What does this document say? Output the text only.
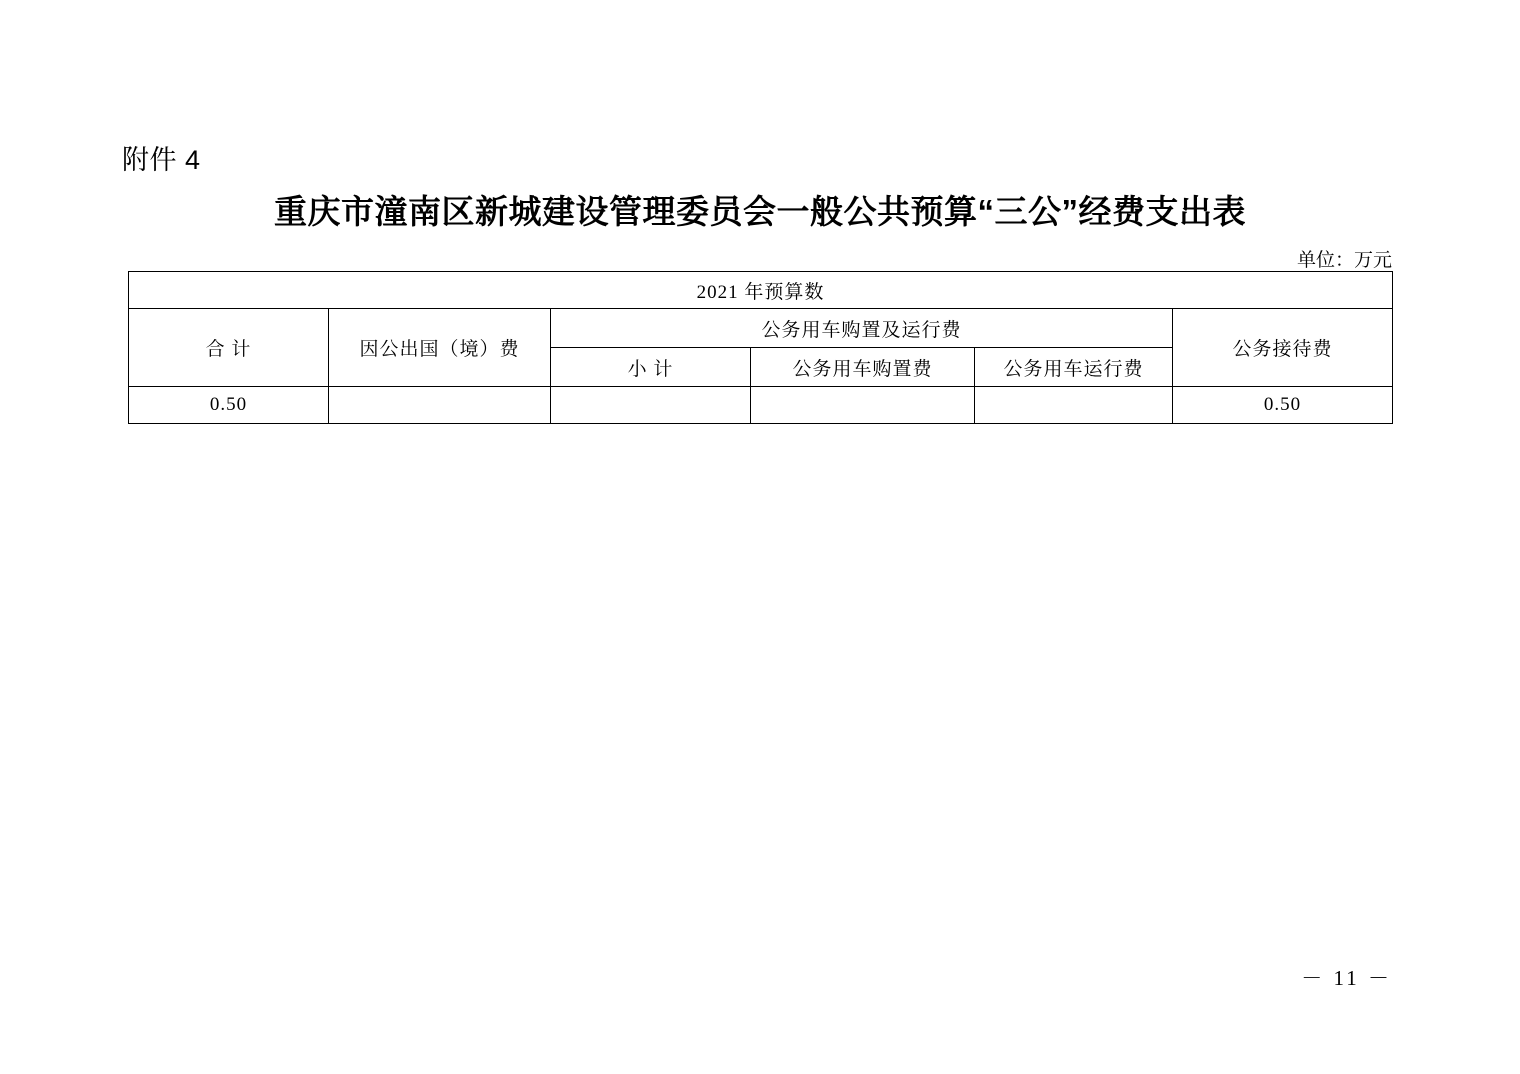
附件 4
重庆市潼南区新城建设管理委员会一般公共预算“三公”经费支出表
单位：万元
2021 年预算数					
合 计	因公出国（境）费	公务用车购置及运行费			公务接待费
		小 计	公务用车购置费	公务用车运行费	
0.50					0.50
－ 11 －
